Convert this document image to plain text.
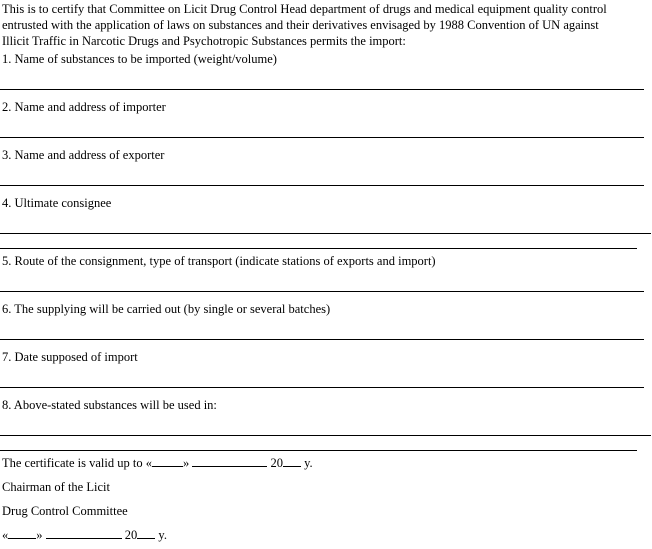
This is to certify that Committee on Licit Drug Control Head department of drugs and medical equipment quality control
entrusted with the application of laws on substances and their derivatives envisaged by 1988 Convention of UN against
Illicit Traffic in Narcotic Drugs and Psychotropic Substances permits the import:
1. Name of substances to be imported (weight/volume)
2. Name and address of importer
3. Name and address of exporter
4. Ultimate consignee
5. Route of the consignment, type of transport (indicate stations of exports and import)
6. The supplying will be carried out (by single or several batches)
7. Date supposed of import
8. Above-stated substances will be used in:
The certificate is valid up to « »	20 y.
Chairman of the Licit
Drug Control Committee
« »	20 y.
